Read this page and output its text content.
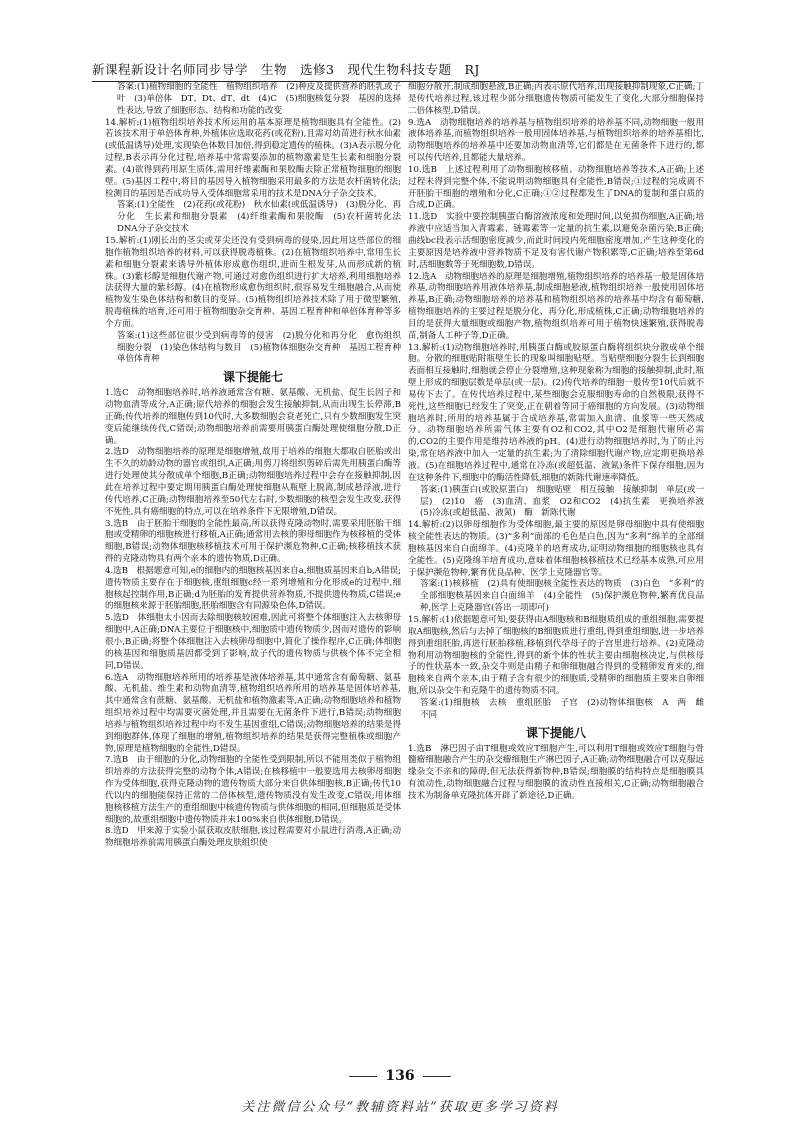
新课程新设计名师同步导学　生物　选修3　现代生物科技专题　RJ

答案:(1)植物细胞的全能性　植物组织培养　(2)种皮及提供营养的胚乳或子叶　(3)单倍体　DT、Dt、dT、dt　(4)C　(5)细胞核复分裂　基因的选择性表达,导致了细胞形态、结构和功能的改变

14.解析:(1)植物组织培养技术所运用的基本原理是植物细胞具有全能性。(2)若该技术用于单倍体育种,外植体应选取花药(或花粉),且需对幼苗进行秋水仙素(或低温诱导)处理,实现染色体数目加倍,得到稳定遗传的植株。(3)A表示脱分化过程,B表示再分化过程,培养基中常需要添加的植物激素是生长素和细胞分裂素。(4)欲得到药用原生质体,需用纤维素酶和果胶酶去除正常植物细胞的细胞壁。(5)基因工程中,将目的基因导入植物细胞采用最多的方法是农杆菌转化法;检测目的基因是否成功导入受体细胞常采用的技术是DNA分子杂交技术。

答案:(1)全能性　(2)花药(或花粉)　秋水仙素(或低温诱导)　(3)脱分化、再分化　生长素和细胞分裂素　(4)纤维素酶和果胶酶　(5)农杆菌转化法　DNA分子杂交技术

15.解析:(1)刚长出的茎尖或芽尖还没有受到病毒的侵染,因此用这些部位的细胞作植物组织培养的材料,可以获得脱毒植株。(2)在植物组织培养中,常用生长素和细胞分裂素来诱导外植体形成愈伤组织,进而生根发芽,从而形成新的植株。(3)紫杉醇是细胞代谢产物,可通过对愈伤组织进行扩大培养,利用细胞培养法获得大量的紫杉醇。(4)在植物形成愈伤组织时,很容易发生细胞融合,从而使植物发生染色体结构和数目的变异。(5)植物组织培养技术除了用于微型繁殖,脱毒植株的培育,还可用于植物细胞杂交育种、基因工程育种和单倍体育种等多个方面。

答案:(1)这些部位很少受到病毒等的侵害　(2)脱分化和再分化　愈伤组织　细胞分裂　(1)染色体结构与数目　(5)植物体细胞杂交育种　基因工程育种　单倍体育种

课下提能七

1.选C　动物细胞培养时,培养液通常含有糖、氨基酸、无机盐、促生长因子和动物血清等成分,A正确;原代培养的细胞会发生接触抑制,从而出现生长停滞,B正确;传代培养的细胞传到10代时,大多数细胞会衰老死亡,只有少数细胞发生突变后能继续传代,C错误;动物细胞培养前需要用胰蛋白酶处理使细胞分散,D正确。

2.选D　动物细胞培养的原理是细胞增殖,故用于培养的细胞大都取自胚胎或出生不久的幼龄动物的器官或组织,A正确;用剪刀将组织剪碎后需先用胰蛋白酶等进行处理使其分散成单个细胞,B正确;动物细胞培养过程中会存在接触抑制,因此在培养过程中要定期用胰蛋白酶处理使细胞从瓶壁上脱离,制成悬浮液,进行传代培养,C正确;动物细胞培养至50代左右时,少数细胞的核型会发生改变,获得不死性,具有癌细胞的特点,可以在培养条件下无限增殖,D错误。

3.选B　由于胚胎干细胞的全能性最高,所以获得克隆动物时,需要采用胚胎干细胞或受精卵的细胞核进行移植,A正确;通常用去核的卵母细胞作为核移植的受体细胞,B错误;动物体细胞核移植技术可用于保护濒危物种,C正确;核移植技术获得的克隆动物具有两个亲本的遗传物质,D正确。

4.选B　根据题意可知,e的细胞内的细胞核基因来自a,细胞质基因来自b,A错误;遗传物质主要存在于细胞核,重组细胞c经一系列增殖和分化形成e的过程中,细胞核起控制作用,B正确;d为胚胎的发育提供营养物质,不提供遗传物质,C错误;e的细胞核来源于胚胎细胞,胚胎细胞含有同源染色体,D错误。

5.选D　体细胞太小因而去除细胞核较困难,因此可将整个体细胞注入去核卵母细胞中,A正确;DNA主要位于细胞核中,细胞质中遗传物质少,因而对遗传的影响很小,B正确;将整个体细胞注入去核卵母细胞中,简化了操作程序,C正确;体细胞的核基因和细胞质基因都受到了影响,故子代的遗传物质与供核个体不完全相同,D错误。

6.选A　动物细胞培养所用的培养基是液体培养基,其中通常含有葡萄糖、氨基酸、无机盐、维生素和动物血清等,植物组织培养所用的培养基是固体培养基,其中通常含有蔗糖、氨基酸、无机盐和植物激素等,A正确;动物细胞培养和植物组织培养过程中均需要灭菌处理,并且需要在无菌条件下进行,B错误;动物细胞培养与植物组织培养过程中均不发生基因重组,C错误;动物细胞培养的结果是得到细胞群体,体现了细胞的增殖,植物组织培养的结果是获得完整植株或细胞产物,原理是植物细胞的全能性,D错误。

7.选B　由于细胞的分化,动物细胞的全能性受到限制,所以不能用类似于植物组织培养的方法获得完整的动物个体,A错误;在核移植中一般要选用去核卵母细胞作为受体细胞,获得克隆动物的遗传物质大部分来自供体细胞核,B正确;传代10代以内的细胞能保持正常的二倍体核型,遗传物质没有发生改变,C错误;用体细胞核移植方法生产的重组细胞中核遗传物质与供体细胞的相同,但细胞质是受体细胞的,故重组细胞中遗传物质并未100%来自供体细胞,D错误。

8.选D　甲来源于实验小鼠获取皮肤细胞,该过程需要对小鼠进行消毒,A正确;动物细胞培养前需用胰蛋白酶处理皮肤组织使

细胞分散开,制成细胞悬液,B正确;丙表示原代培养,出现接触抑制现象,C正确;丁是传代培养过程,该过程少部分细胞遗传物质可能发生了变化,大部分细胞保持二倍体核型,D错误。

9.选A　动物细胞培养的培养基与植物组织培养的培养基不同,动物细胞一般用液体培养基,而植物组织培养一般用固体培养基,与植物组织培养的培养基相比,动物细胞培养的培养基中还要加动物血清等,它们都是在无菌条件下进行的,都可以传代培养,且都能大量培养。

10.选B　上述过程利用了动物细胞核移植、动物细胞培养等技术,A正确;上述过程未得到完整个体,不能说明动物细胞具有全能性,B错误;①过程的完成离不开胚胎干细胞的增殖和分化,C正确;①②过程都发生了DNA的复制和蛋白质的合成,D正确。

11.选D　实验中要控制胰蛋白酶溶液浓度和处理时间,以免损伤细胞,A正确;培养液中应适当加入青霉素、链霉素等一定量的抗生素,以避免杂菌污染,B正确;曲线bc段表示活细胞密度减少,而此时间段内死细胞密度增加,产生这种变化的主要原因是培养液中营养物质不足及有害代谢产物积累等,C正确;培养至第6d时,活细胞数等于死细胞数,D错误。

12.选A　动物细胞培养的原理是细胞增殖,植物组织培养的培养基一般是固体培养基,动物细胞培养用液体培养基,制成细胞悬液,植物组织培养一般使用固体培养基,B正确;动物细胞培养的培养基和植物组织培养的培养基中均含有葡萄糖,植物细胞培养的主要过程是脱分化、再分化,形成植株,C正确;动物细胞培养的目的是获得大量细胞或细胞产物,植物组织培养可用于植物快速繁殖,获得脱毒苗,制备人工种子等,D正确。

13.解析:(1)动物细胞培养时,用胰蛋白酶或胶原蛋白酶将组织块分散成单个细胞。分散的细胞贴附瓶壁生长的现象叫细胞贴壁。当贴壁细胞分裂生长到细胞表面相互接触时,细胞就会停止分裂增殖,这种现象称为细胞的接触抑制,此时,瓶壁上形成的细胞层数是单层(或一层)。(2)传代培养的细胞一般传至10代后就不易传下去了。在传代培养过程中,某些细胞会克服细胞寿命的自然极限,获得不死性,这些细胞已经发生了突变,正在朝着等同于癌细胞的方向发展。(3)动物细胞培养时,所用的培养基属于合成培养基,常需加入血清、血浆等一些天然成分。动物细胞培养所需气体主要有O2和CO2,其中O2是细胞代谢所必需的,CO2的主要作用是维持培养液的pH。(4)进行动物细胞培养时,为了防止污染,常在培养液中加入一定量的抗生素;为了清除细胞代谢产物,应定期更换培养液。(5)在细胞培养过程中,通常在冷冻(或超低温、液氮)条件下保存细胞,因为在这种条件下,细胞中的酶活性降低,细胞的新陈代谢速率降低。

答案:(1)胰蛋白(或胶原蛋白)　细胞贴壁　相互接触　接触抑制　单层(或一层)　(2)10　癌　(3)血清、血浆　O2和CO2　(4)抗生素　更换培养液　(5)冷冻(或超低温、液氮)　酶　新陈代谢

14.解析:(2)以卵母细胞作为受体细胞,最主要的原因是卵母细胞中具有使细胞核全能性表达的物质。(3)“多利”面部的毛色是白色,因为“多利”绵羊的全部细胞核基因来自白面绵羊。(4)克隆羊的培育成功,证明动物细胞的细胞核也具有全能性。(5)克隆绵羊培育成功,意味着体细胞核移植技术已经基本成熟,可应用于保护濒危物种,繁育优良品种、医学上克隆器官等。

答案:(1)核移植　(2)具有使细胞核全能性表达的物质　(3)白色　“多利”的全部细胞核基因来自白面绵羊　(4)全能性　(5)保护濒危物种,繁育优良品种,医学上克隆器官(答出一项即可)

15.解析:(1)依据题意可知,要获得由A细胞核和B细胞质组成的重组细胞,需要提取A细胞核,然后与去掉了细胞核的B细胞质进行重组,得到重组细胞,进一步培养得到重组胚胎,再进行胚胎移植,移植到代孕母子的子宫里进行培养。(2)克隆动物利用动物细胞核的全能性,得到的新个体的性状主要由细胞核决定,与供核母子的性状基本一致,杂交牛则是由精子和卵细胞融合得到的受精卵发育来的,细胞核来自两个亲本,由于精子含有很少的细胞质,受精卵的细胞质主要来自卵细胞,所以杂交牛和克隆牛的遗传物质不同。

答案:(1)细胞核　去核　重组胚胎　子宫　(2)动物体细胞核　A　两　雌　不同

课下提能八

1.选B　淋巴因子由T细胞或效应T细胞产生,可以利用T细胞或效应T细胞与骨髓瘤细胞融合产生的杂交瘤细胞生产淋巴因子,A正确;动物细胞融合可以克服远缘杂交不亲和的障碍,但无法获得新物种,B错误;细胞膜的结构特点是细胞膜具有流动性,动物细胞融合过程与细胞膜的流动性直接相关,C正确;动物细胞融合技术为制备单克隆抗体开辟了新途径,D正确。

136
关注微信公众号“教辅资料站”获取更多学习资料
